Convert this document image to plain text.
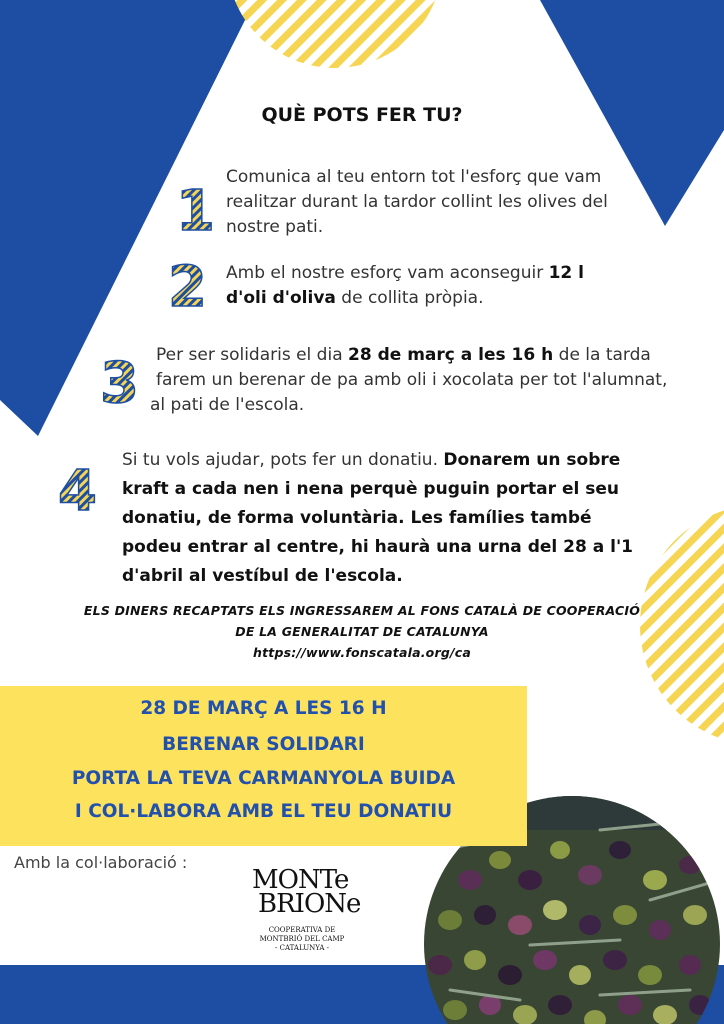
1
2
3
4
QUÈ POTS FER TU?
Comunica al teu entorn tot l'esforç que vam
realitzar durant la tardor collint les olives del
nostre pati.
Amb el nostre esforç vam aconseguir 12 l
d'oli d'oliva de collita pròpia.
Per ser solidaris el dia 28 de març a les 16 h de la tarda
farem un berenar de pa amb oli i xocolata per tot l'alumnat,
al pati de l'escola.
Si tu vols ajudar, pots fer un donatiu. Donarem un sobre
kraft a cada nen i nena perquè puguin portar el seu
donatiu, de forma voluntària. Les famílies també
podeu entrar al centre, hi haurà una urna del 28 a l'1
d'abril al vestíbul de l'escola.
ELS DINERS RECAPTATS ELS INGRESSAREM AL FONS CATALÀ DE COOPERACIÓ
DE LA GENERALITAT DE CATALUNYA
https://www.fonscatala.org/ca
28 DE MARÇ A LES 16 H
BERENAR SOLIDARI
PORTA LA TEVA CARMANYOLA BUIDA
I COL·LABORA AMB EL TEU DONATIU
Amb la col·laboració :
MONTe
BRIONe
COOPERATIVA DE
MONTBRIÓ DEL CAMP
- CATALUNYA -
